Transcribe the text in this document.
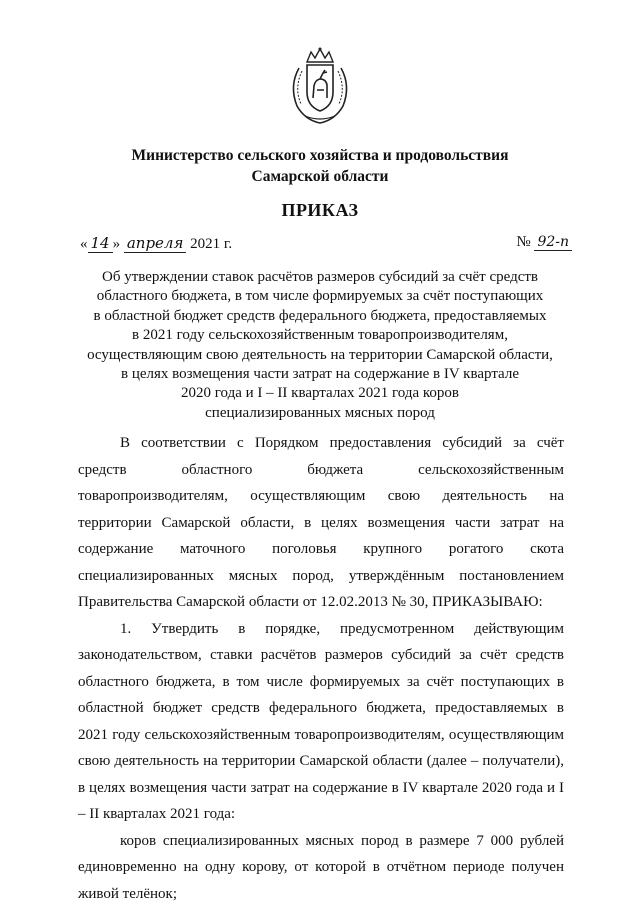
Министерство сельского хозяйства и продовольствия
Самарской области
ПРИКАЗ
« 14 » апреля 2021 г.	№ 92-п
Об утверждении ставок расчётов размеров субсидий за счёт средств
областного бюджета, в том числе формируемых за счёт поступающих
в областной бюджет средств федерального бюджета, предоставляемых
в 2021 году сельскохозяйственным товаропроизводителям,
осуществляющим свою деятельность на территории Самарской области,
в целях возмещения части затрат на содержание в IV квартале
2020 года и I – II кварталах 2021 года коров
специализированных мясных пород

В соответствии с Порядком предоставления субсидий за счёт средств областного бюджета сельскохозяйственным товаропроизводителям, осуществляющим свою деятельность на территории Самарской области, в целях возмещения части затрат на содержание маточного поголовья крупного рогатого скота специализированных мясных пород, утверждённым постановлением Правительства Самарской области от 12.02.2013 № 30, ПРИКАЗЫВАЮ:

1. Утвердить в порядке, предусмотренном действующим законодательством, ставки расчётов размеров субсидий за счёт средств областного бюджета, в том числе формируемых за счёт поступающих в областной бюджет средств федерального бюджета, предоставляемых в 2021 году сельскохозяйственным товаропроизводителям, осуществляющим свою деятельность на территории Самарской области (далее – получатели), в целях возмещения части затрат на содержание в IV квартале 2020 года и I – II кварталах 2021 года:

коров специализированных мясных пород в размере 7 000 рублей единовременно на одну корову, от которой в отчётном периоде получен живой телёнок;
